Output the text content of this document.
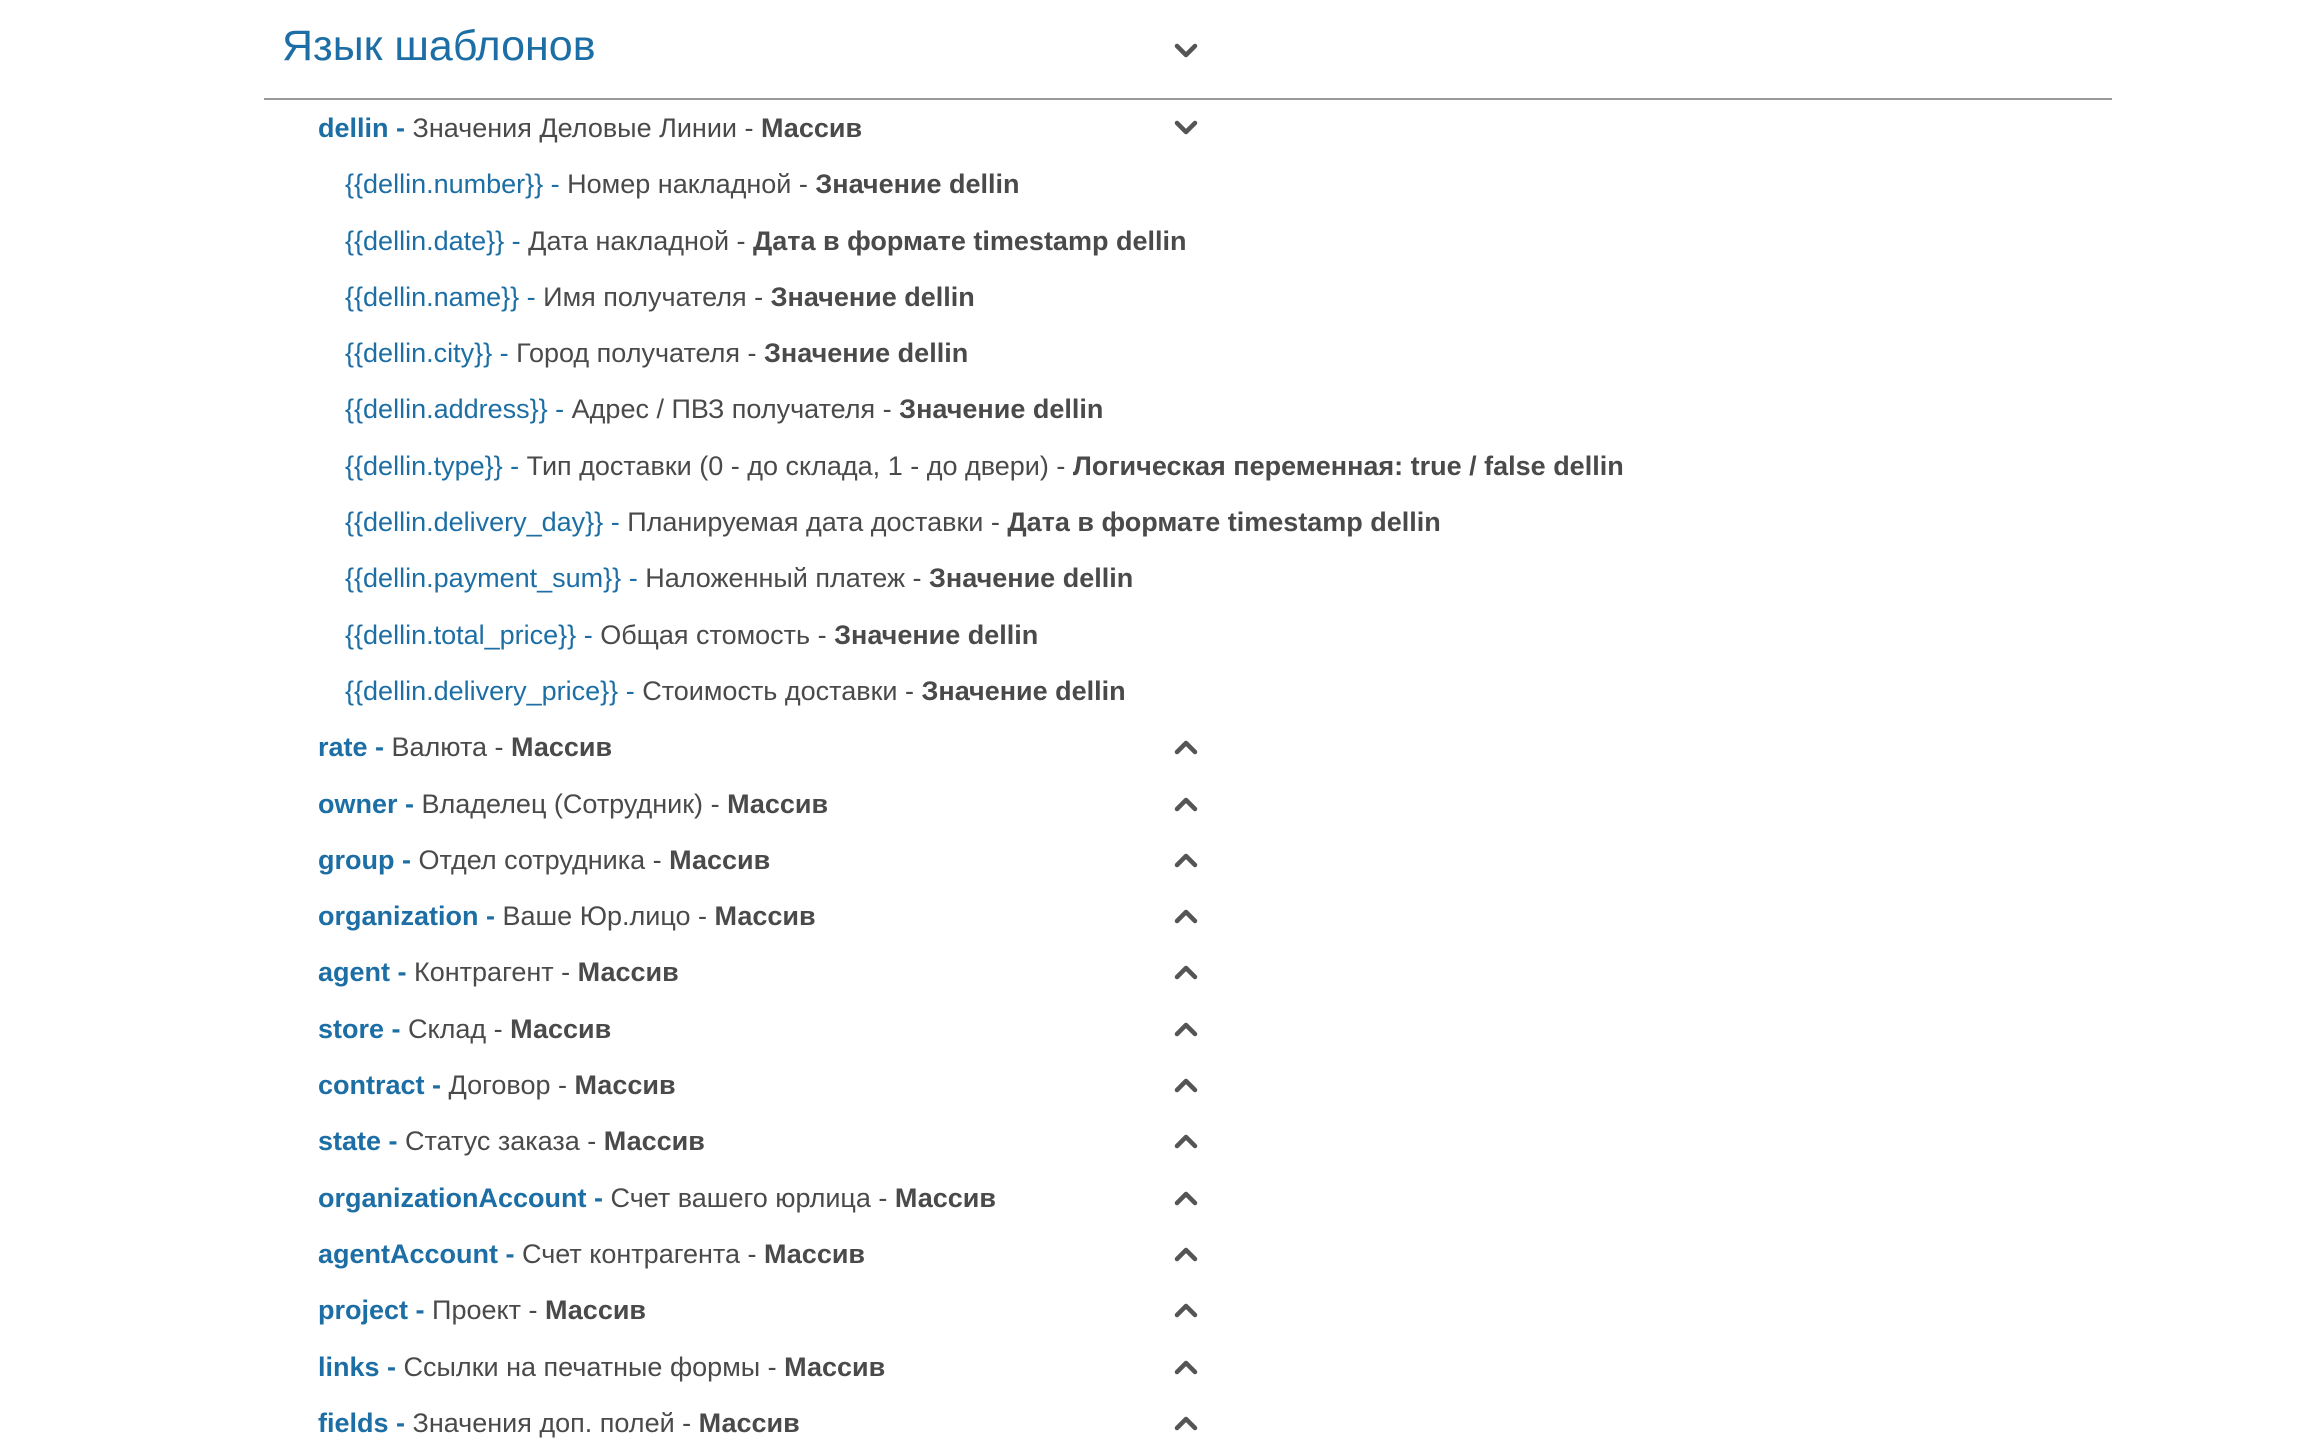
Язык шаблонов
dellin - Значения Деловые Линии - Массив
{{dellin.number}} - Номер накладной - Значение dellin
{{dellin.date}} - Дата накладной - Дата в формате timestamp dellin
{{dellin.name}} - Имя получателя - Значение dellin
{{dellin.city}} - Город получателя - Значение dellin
{{dellin.address}} - Адрес / ПВЗ получателя - Значение dellin
{{dellin.type}} - Тип доставки (0 - до склада, 1 - до двери) - Логическая переменная: true / false dellin
{{dellin.delivery_day}} - Планируемая дата доставки - Дата в формате timestamp dellin
{{dellin.payment_sum}} - Наложенный платеж - Значение dellin
{{dellin.total_price}} - Общая стомость - Значение dellin
{{dellin.delivery_price}} - Стоимость доставки - Значение dellin
rate - Валюта - Массив
owner - Владелец (Сотрудник) - Массив
group - Отдел сотрудника - Массив
organization - Ваше Юр.лицо - Массив
agent - Контрагент - Массив
store - Склад - Массив
contract - Договор - Массив
state - Статус заказа - Массив
organizationAccount - Счет вашего юрлица - Массив
agentAccount - Счет контрагента - Массив
project - Проект - Массив
links - Ссылки на печатные формы - Массив
fields - Значения доп. полей - Массив
